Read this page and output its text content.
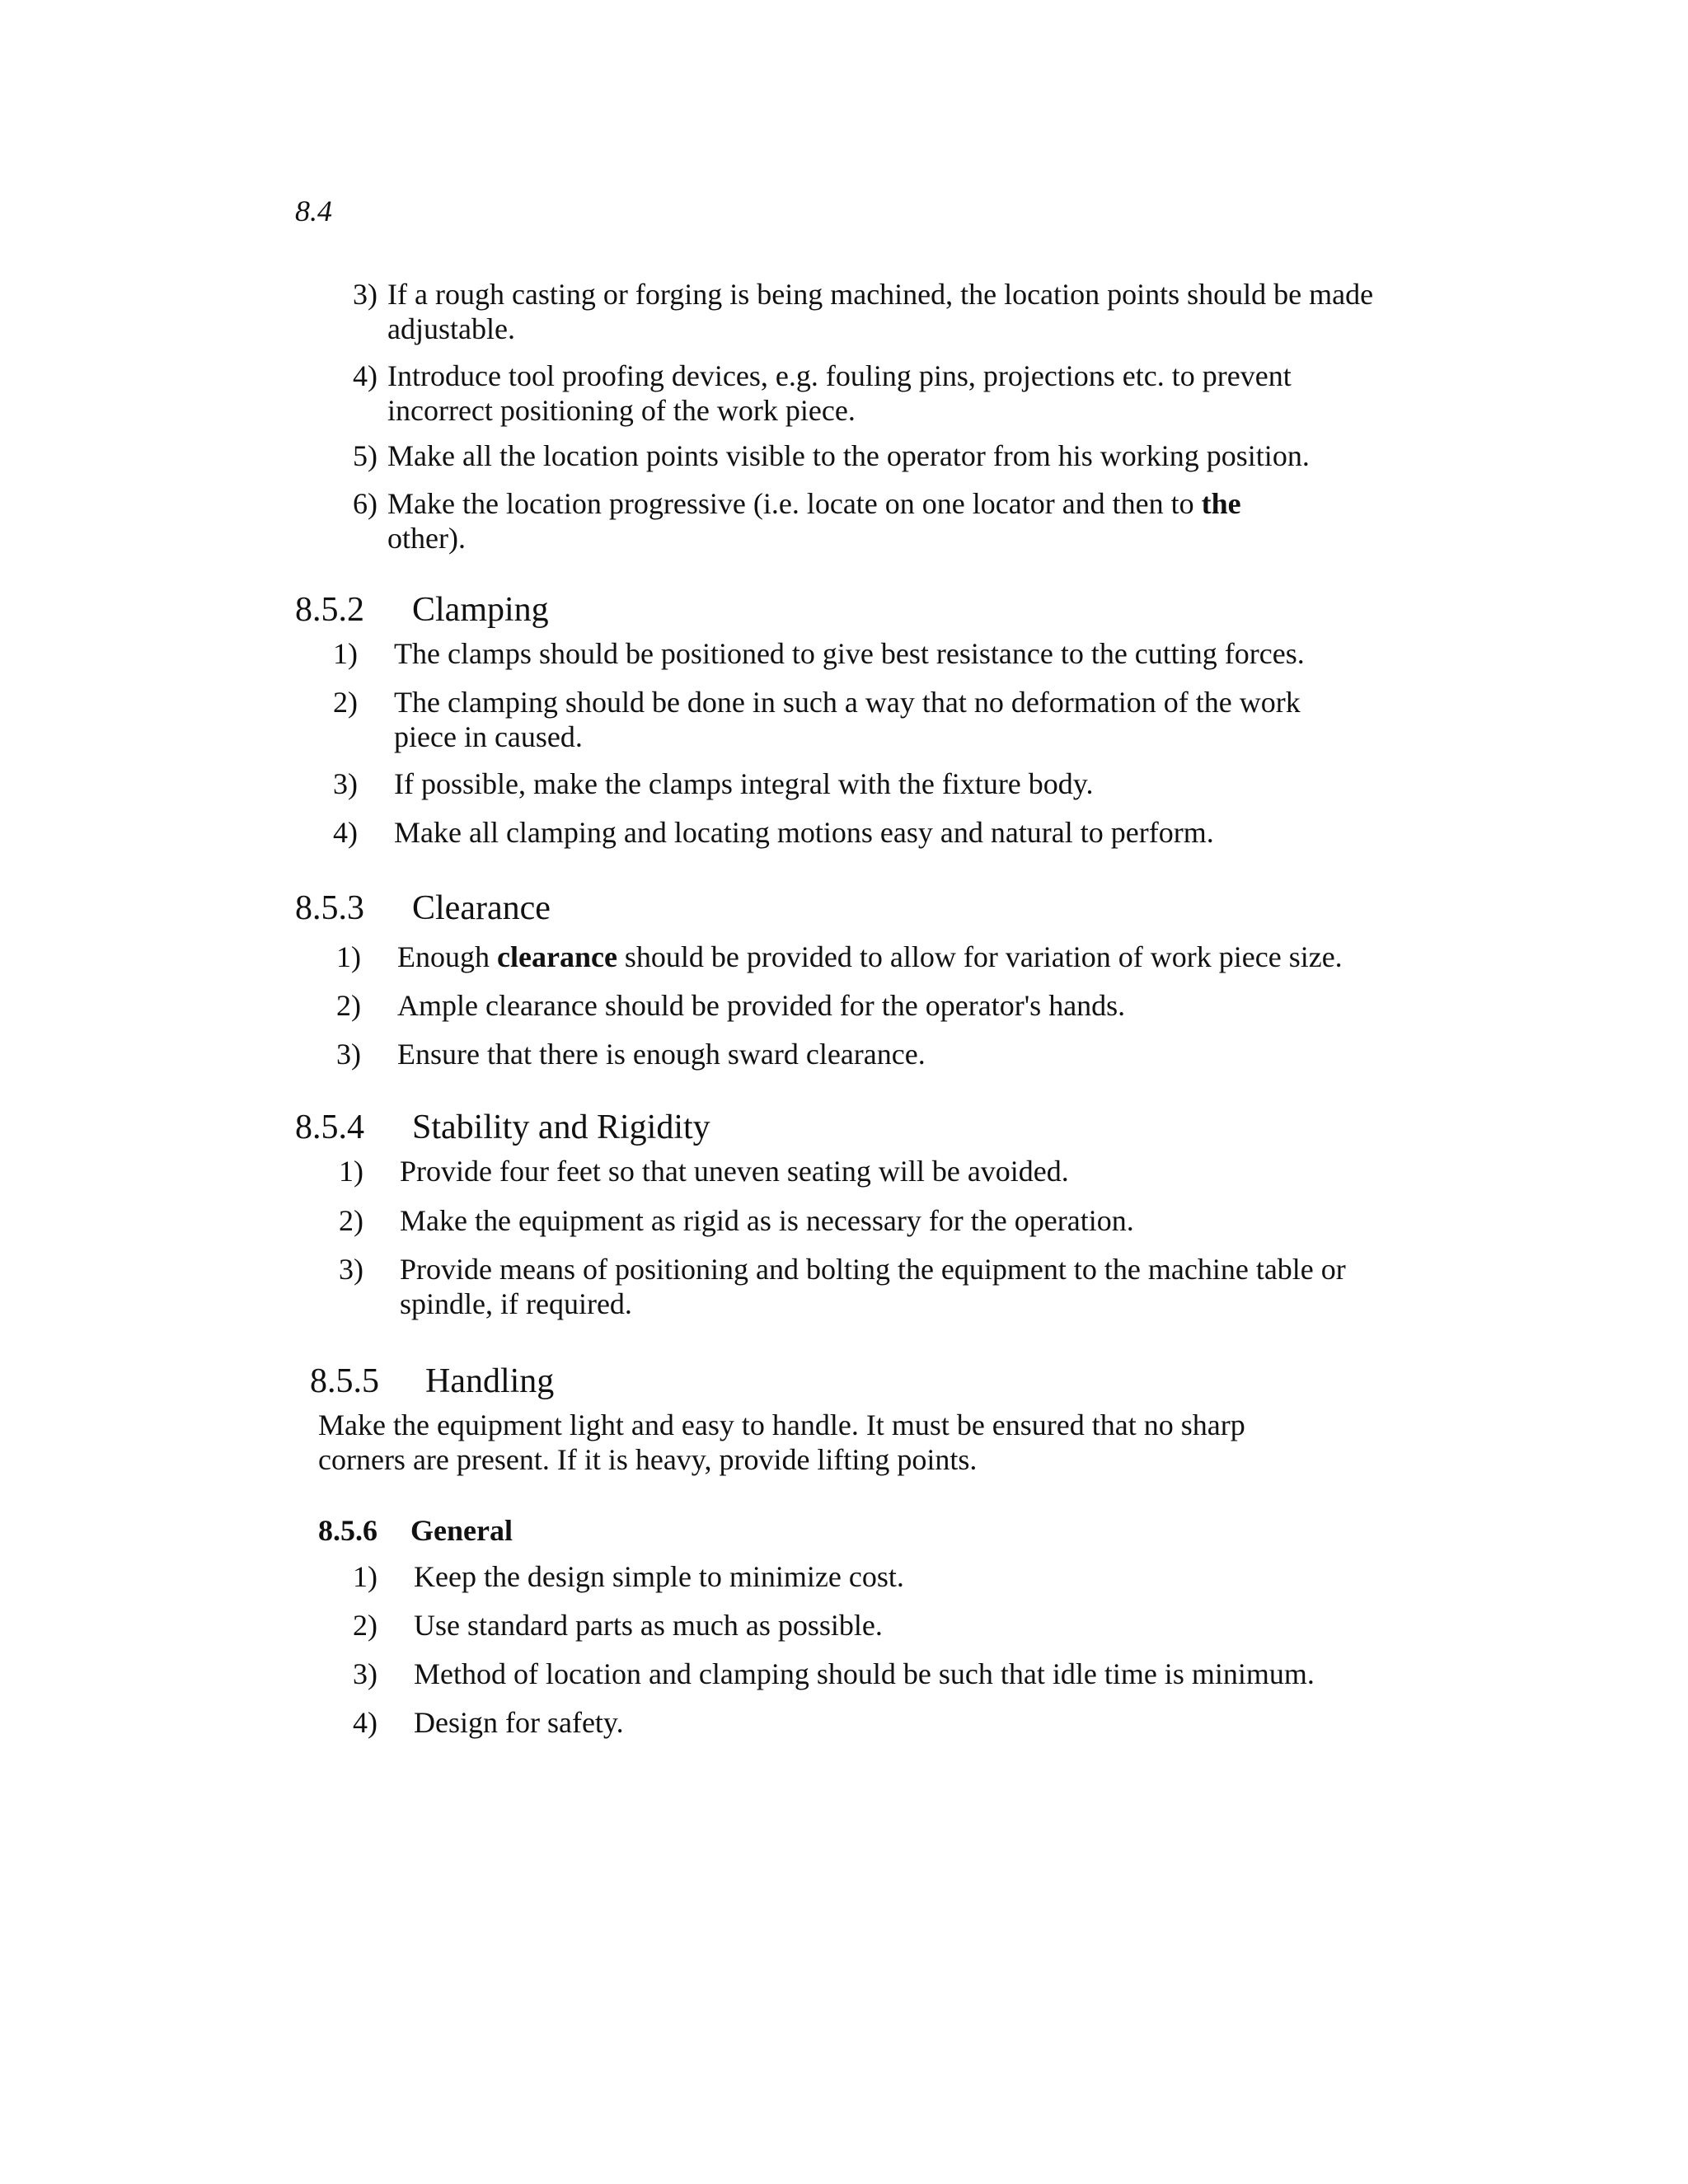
8.4
3) If a rough casting or forging is being machined, the location points should be made adjustable.
4) Introduce tool proofing devices, e.g. fouling pins, projections etc. to prevent incorrect positioning of the work piece.
5) Make all the location points visible to the operator from his working position.
6) Make the location progressive (i.e. locate on one locator and then to the other).
8.5.2 Clamping
1) The clamps should be positioned to give best resistance to the cutting forces.
2) The clamping should be done in such a way that no deformation of the work piece in caused.
3) If possible, make the clamps integral with the fixture body.
4) Make all clamping and locating motions easy and natural to perform.
8.5.3 Clearance
1) Enough clearance should be provided to allow for variation of work piece size.
2) Ample clearance should be provided for the operator's hands.
3) Ensure that there is enough sward clearance.
8.5.4 Stability and Rigidity
1) Provide four feet so that uneven seating will be avoided.
2) Make the equipment as rigid as is necessary for the operation.
3) Provide means of positioning and bolting the equipment to the machine table or spindle, if required.
8.5.5 Handling
Make the equipment light and easy to handle. It must be ensured that no sharp corners are present. If it is heavy, provide lifting points.
8.5.6 General
1) Keep the design simple to minimize cost.
2) Use standard parts as much as possible.
3) Method of location and clamping should be such that idle time is minimum.
4) Design for safety.
